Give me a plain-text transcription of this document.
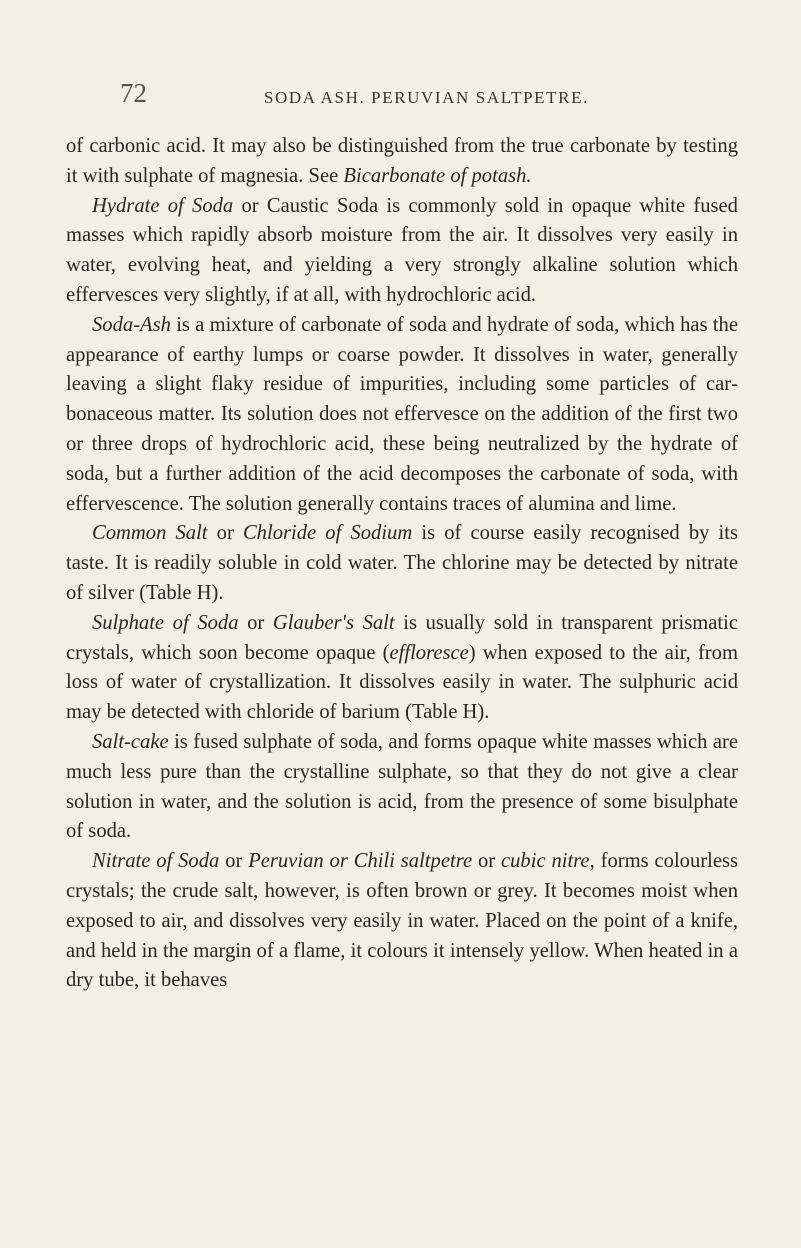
72	SODA ASH. PERUVIAN SALTPETRE.

of carbonic acid. It may also be distinguished from the true carbonate by testing it with sulphate of magnesia. See Bicarbonate of potash.

Hydrate of Soda or Caustic Soda is commonly sold in opaque white fused masses which rapidly absorb moisture from the air. It dissolves very easily in water, evolving heat, and yielding a very strongly alkaline solution which effervesces very slightly, if at all, with hydrochloric acid.

Soda-Ash is a mixture of carbonate of soda and hydrate of soda, which has the appearance of earthy lumps or coarse powder. It dissolves in water, generally leaving a slight flaky residue of impurities, including some particles of carbonaceous matter. Its solution does not effervesce on the addition of the first two or three drops of hydrochloric acid, these being neutralized by the hydrate of soda, but a further addition of the acid decomposes the carbonate of soda, with effervescence. The solution generally contains traces of alumina and lime.

Common Salt or Chloride of Sodium is of course easily recognised by its taste. It is readily soluble in cold water. The chlorine may be detected by nitrate of silver (Table H).

Sulphate of Soda or Glauber's Salt is usually sold in transparent prismatic crystals, which soon become opaque (effloresce) when exposed to the air, from loss of water of crystallization. It dissolves easily in water. The sulphuric acid may be detected with chloride of barium (Table H).

Salt-cake is fused sulphate of soda, and forms opaque white masses which are much less pure than the crystalline sulphate, so that they do not give a clear solution in water, and the solution is acid, from the presence of some bisulphate of soda.

Nitrate of Soda or Peruvian or Chili saltpetre or cubic nitre, forms colourless crystals; the crude salt, however, is often brown or grey. It becomes moist when exposed to air, and dissolves very easily in water. Placed on the point of a knife, and held in the margin of a flame, it colours it intensely yellow. When heated in a dry tube, it behaves
